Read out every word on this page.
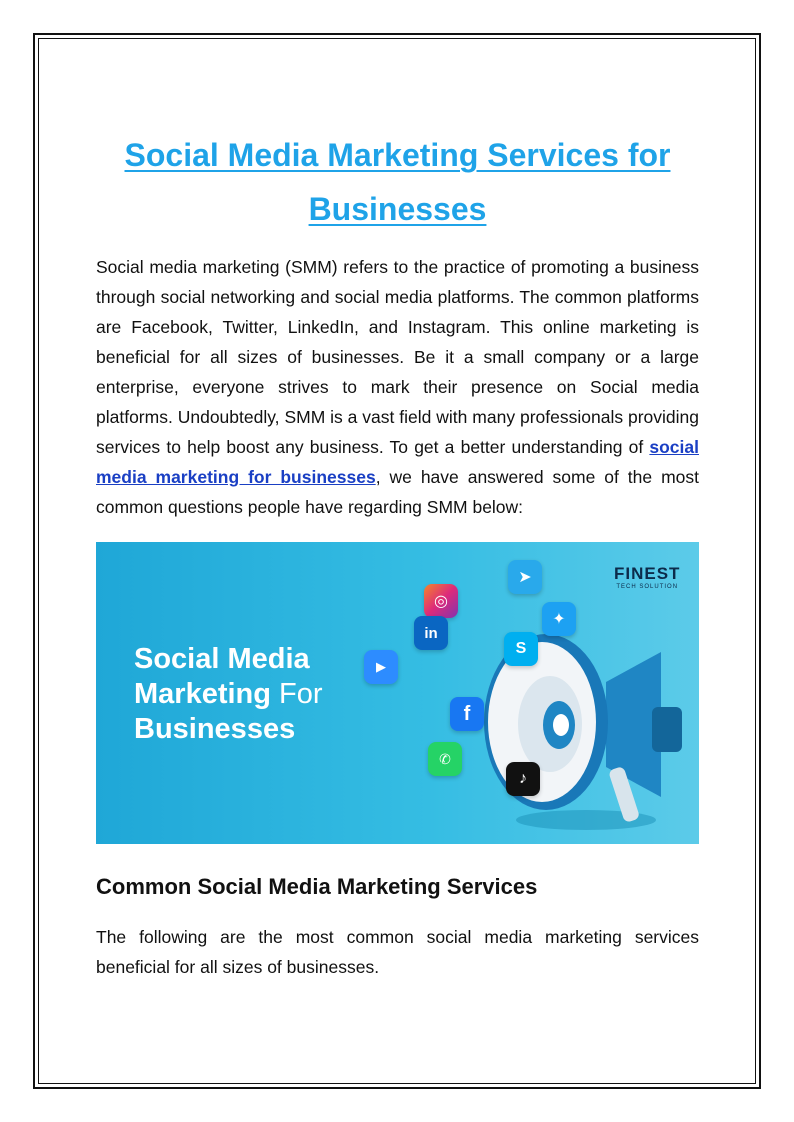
Social Media Marketing Services for Businesses

Social media marketing (SMM) refers to the practice of promoting a business through social networking and social media platforms. The common platforms are Facebook, Twitter, LinkedIn, and Instagram. This online marketing is beneficial for all sizes of businesses. Be it a small company or a large enterprise, everyone strives to mark their presence on Social media platforms. Undoubtedly, SMM is a vast field with many professionals providing services to help boost any business. To get a better understanding of social media marketing for businesses, we have answered some of the most common questions people have regarding SMM below:

Social Media
Marketing For
Businesses
FINEST
TECH SOLUTION
◎
in
▶
f
✆
♪
➤
✦
S
Common Social Media Marketing Services

The following are the most common social media marketing services beneficial for all sizes of businesses.
